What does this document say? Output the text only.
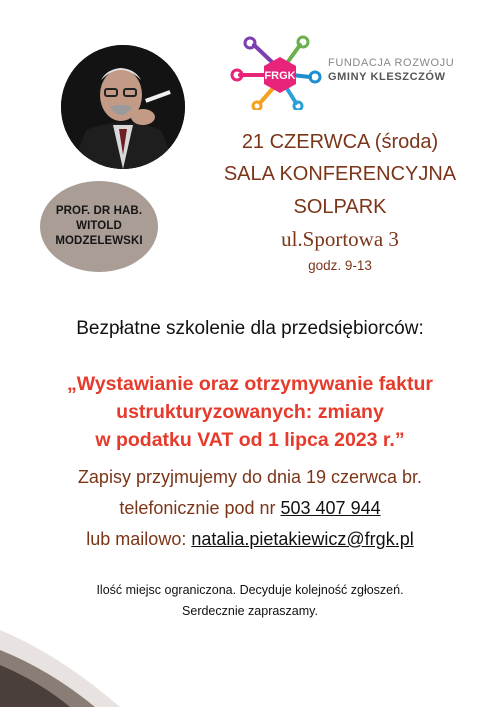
PROF. DR HAB.
WITOLD
MODZELEWSKI
FRGK
FUNDACJA ROZWOJU
GMINY KLESZCZÓW
21 CZERWCA (środa)
SALA KONFERENCYJNA
SOLPARK
ul.Sportowa 3
godz. 9-13
Bezpłatne szkolenie dla przedsiębiorców:
„Wystawianie oraz otrzymywanie faktur
ustrukturyzowanych: zmiany
w podatku VAT od 1 lipca 2023 r.”
Zapisy przyjmujemy do dnia 19 czerwca br.
telefonicznie pod nr 503 407 944
lub mailowo: natalia.pietakiewicz@frgk.pl
Ilość miejsc ograniczona. Decyduje kolejność zgłoszeń.
Serdecznie zapraszamy.
